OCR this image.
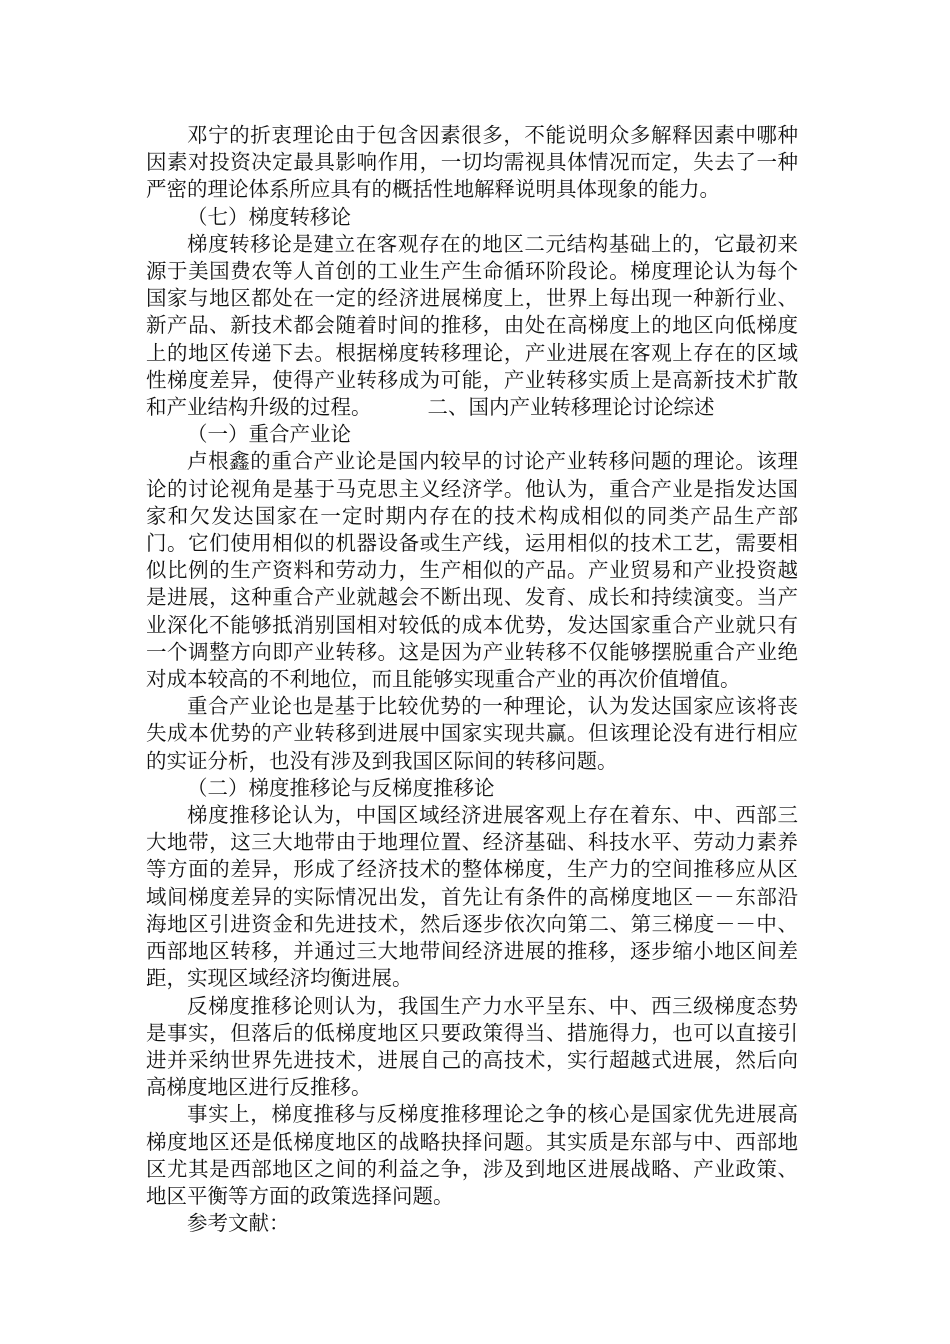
邓宁的折衷理论由于包含因素很多，不能说明众多解释因素中哪种因素对投资决定最具影响作用，一切均需视具体情况而定，失去了一种严密的理论体系所应具有的概括性地解释说明具体现象的能力。

（七）梯度转移论

梯度转移论是建立在客观存在的地区二元结构基础上的，它最初来源于美国费农等人首创的工业生产生命循环阶段论。梯度理论认为每个国家与地区都处在一定的经济进展梯度上，世界上每出现一种新行业、新产品、新技术都会随着时间的推移，由处在高梯度上的地区向低梯度上的地区传递下去。根据梯度转移理论，产业进展在客观上存在的区域性梯度差异，使得产业转移成为可能，产业转移实质上是高新技术扩散和产业结构升级的过程。	二、国内产业转移理论讨论综述

（一）重合产业论

卢根鑫的重合产业论是国内较早的讨论产业转移问题的理论。该理论的讨论视角是基于马克思主义经济学。他认为，重合产业是指发达国家和欠发达国家在一定时期内存在的技术构成相似的同类产品生产部门。它们使用相似的机器设备或生产线，运用相似的技术工艺，需要相似比例的生产资料和劳动力，生产相似的产品。产业贸易和产业投资越是进展，这种重合产业就越会不断出现、发育、成长和持续演变。当产业深化不能够抵消别国相对较低的成本优势，发达国家重合产业就只有一个调整方向即产业转移。这是因为产业转移不仅能够摆脱重合产业绝对成本较高的不利地位，而且能够实现重合产业的再次价值增值。

重合产业论也是基于比较优势的一种理论，认为发达国家应该将丧失成本优势的产业转移到进展中国家实现共赢。但该理论没有进行相应的实证分析，也没有涉及到我国区际间的转移问题。

（二）梯度推移论与反梯度推移论

梯度推移论认为，中国区域经济进展客观上存在着东、中、西部三大地带，这三大地带由于地理位置、经济基础、科技水平、劳动力素养等方面的差异，形成了经济技术的整体梯度，生产力的空间推移应从区域间梯度差异的实际情况出发，首先让有条件的高梯度地区－－东部沿海地区引进资金和先进技术，然后逐步依次向第二、第三梯度－－中、西部地区转移，并通过三大地带间经济进展的推移，逐步缩小地区间差距，实现区域经济均衡进展。

反梯度推移论则认为，我国生产力水平呈东、中、西三级梯度态势是事实，但落后的低梯度地区只要政策得当、措施得力，也可以直接引进并采纳世界先进技术，进展自己的高技术，实行超越式进展，然后向高梯度地区进行反推移。

事实上，梯度推移与反梯度推移理论之争的核心是国家优先进展高梯度地区还是低梯度地区的战略抉择问题。其实质是东部与中、西部地区尤其是西部地区之间的利益之争，涉及到地区进展战略、产业政策、地区平衡等方面的政策选择问题。

参考文献：
